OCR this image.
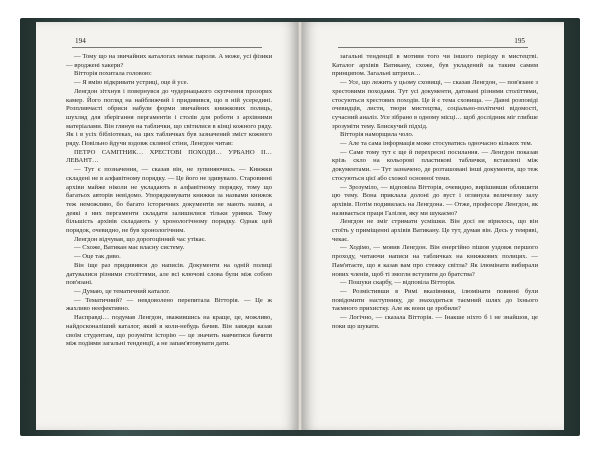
194

— Тому що на звичайних каталогах немає пароля. А може, усі фізики — вроджені хакери?

Вітторія похитала головою:

— Я вмію відкривати устриці, оце й усе.

Ленгдон зітхнув і повернувся до чудернацького скупчення прозорих камер. Його погляд на найближчий і придивився, що в ній усередині. Розпливчасті обриси набули форми звичайних книжкових полиць, шухляд для зберігання пергаментів і столів для роботи з архівними матеріалами. Він глянув на таблички, що світилися в кінці кожного ряду. Як і в усіх бібліотеках, на цих табличках був зазначений зміст кожного ряду. Повільно йдучи вздовж скляної стіни, Ленгдон читав:

ПЕТРО САМІТНИК… ХРЕСТОВІ ПОХОДИ… УРБАНО ІІ… ЛЕВАНТ…

— Тут є позначення, — сказав він, не зупиняючись. — Книжки складені не в алфавітному порядку. — Це його не здивувало. Старовинні архіви майже ніколи не укладають в алфавітному порядку, тому що багатьох авторів невідомо. Упорядковувати книжки за назвами книжок теж неможливо, бо багато історичних документів не мають назви, а деякі з них пергаменти складати залишилися тільки уривки. Тому більшість архівів складають у хронологічному порядку. Однак цей порядок, очевидно, не був хронологічним.

Ленгдон відчував, що дорогоцінний час утікає.

— Схоже, Ватикан має власну систему.

— Оце так диво.

Він іще раз придивився до написів. Документи на одній полиці датувалися різними століттями, але всі ключові слова були між собою пов'язані.

— Думаю, це тематичний каталог.

— Тематичний? — невдоволено перепитала Вітторія. — Це ж жахливо неефективно.

Насправді… подумав Ленгдон, зважившись на краще, це, можливо, найдосконаліший каталог, який я коли-небудь бачив. Він завжди казав своїм студентам, що розуміти історію — це значить навчитися бачити між подіями загальні тенденції, а не запам'ятовувати дати.

195

загальні тенденції в мотиви того чи іншого періоду в мистецтві. Каталог архівів Ватикану, схоже, був укладений за таким самим принципом. Загальні штрихи…

— Усе, що лежить у цьому сховищі, — сказав Ленгдон, — пов'язане з хрестовими походами. Тут усі документи, датовані різними століттями, стосуються хрестових походів. Це й є тема сховища. — Давні розповіді очевидців, листи, твори мистецтва, соціально-політичні відомості, сучасний аналіз. Усе зібрано в одному місці… щоб дослідник міг глибше зрозуміти тему. Блискучий підхід.

Вітторія наморщила чоло.

— Але та сама інформація може стосуватись одночасно кількох тем.

— Саме тому тут є ще й перехресні посилання. — Ленгдон показав крізь скло на кольорові пластикові таблички, вставлені між документами. — Тут зазначено, де розташовані інші документи, що теж стосуються цієї або схожої основної теми.

— Зрозуміло, — відповіла Вітторія, очевидно, вирішивши облишити цю тему. Вона приклала долоні до вуст і оглянула величезну залу архівів. Потім подивилась на Ленгдона. — Отже, професоре Ленгдон, як називається праця Галілея, яку ми шукаємо?

Ленгдон не зміг стримати усмішки. Він досі не вірилось, що він стоїть у приміщенні архівів Ватикану. Це тут, думав він. Десь у темряві, чекає.

— Ходімо, — мовив Ленгдон. Він енергійно пішов уздовж першого проходу, читаючи написи на табличках на книжкових полицях. — Пам'ятаєте, що я казав вам про стежку світла? Як ілюмінати вибирали нових членів, щоб ті змогли вступити до братства?

— Пошуки скарбу, — відповіла Вітторія.

— Розмістивши в Римі вказівники, ілюмінати повинні були повідомити наступнику, де знаходиться таємний шлях до їхнього таємного прихистку. Але як вони це зробили?

— Логічно, — сказала Вітторія. — Інакше ніхто б і не знайшов, це поки що шукати.
